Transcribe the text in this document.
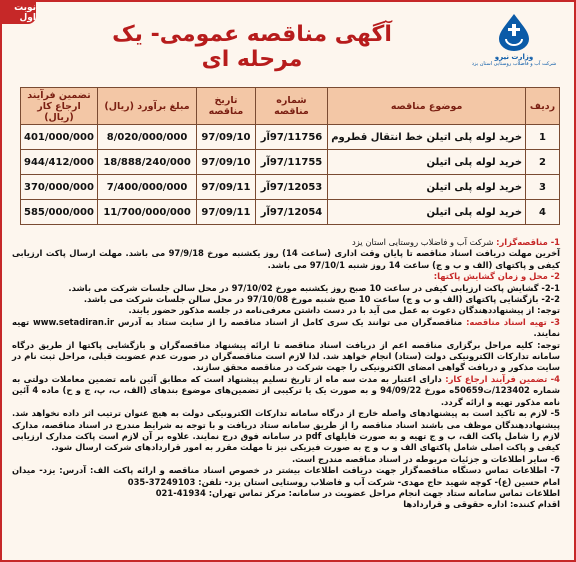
نوبت اول
وزارت نیرو
شرکت آب و فاضلاب روستایی استان یزد
آگهی مناقصه عمومی- یک مرحله ای
ردیف	موضوع مناقصه	شماره مناقصه	تاریخ مناقصه	مبلغ برآورد (ریال)	تضمین فرآیند ارجاع کار (ریال)
1	خرید لوله پلی اتیلن خط انتقال قطروم	97/11756آر	97/09/10	8/020/000/000	401/000/000
2	خرید لوله پلی اتیلن	97/11755آر	97/09/10	18/888/240/000	944/412/000
3	خرید لوله پلی اتیلن	97/12053آر	97/09/11	7/400/000/000	370/000/000
4	خرید لوله پلی اتیلن	97/12054آر	97/09/11	11/700/000/000	585/000/000

1- مناقصه‌گزار: شرکت آب و فاضلاب روستایی استان یزد

آخرین مهلت دریافت اسناد مناقصه تا پایان وقت اداری (ساعت 14) روز یکشنبه مورخ 97/9/18 می باشد. مهلت ارسال پاکت ارزیابی کیفی و پاکتهای (الف و ب و ج) ساعت 14 روز شنبه 97/10/1 می باشد.

2- محل و زمان گشایش پاکتها:

2-1- گشایش پاکت ارزیابی کیفی در ساعت 10 صبح روز یکشنبه مورخ 97/10/02 در محل سالن جلسات شرکت می باشد.

2-2- بازگشایی پاکتهای (الف و ب و ج) ساعت 10 صبح شنبه مورخ 97/10/08 در محل سالن جلسات شرکت می باشد.

توجه: از پیشنهاددهندگان دعوت به عمل می آید با در دست داشتن معرفی‌نامه در جلسه مذکور حضور یابند.

3- تهیه اسناد مناقصه: مناقصه‌گران می توانند یک سری کامل از اسناد مناقصه را از سایت ستاد به آدرس www.setadiran.ir تهیه نمایند.

توجه: کلیه مراحل برگزاری مناقصه اعم از دریافت اسناد مناقصه تا ارائه پیشنهاد مناقصه‌گران و بازگشایی پاکتها از طریق درگاه سامانه تدارکات الکترونیکی دولت (ستاد) انجام خواهد شد. لذا لازم است مناقصه‌گران در صورت عدم عضویت قبلی، مراحل ثبت نام در سایت مذکور و دریافت گواهی امضای الکترونیکی را جهت شرکت در مناقصه محقق سازند.

4- تضمین فرآیند ارجاع کار: دارای اعتبار به مدت سه ماه از تاریخ تسلیم پیشنهاد است که مطابق آئین نامه تضمین معاملات دولتی به شماره 123402/ت50659ه مورخ 94/09/22 و به صورت یک یا ترکیبی از تضمین‌های موضوع بندهای (الف، ب، پ، ج و ح) ماده 4 آئین نامه مذکور تهیه و ارائه گردد.

5- لازم به تاکید است به پیشنهادهای واصله خارج از درگاه سامانه تدارکات الکترونیکی دولت به هیچ عنوان ترتیب اثر داده نخواهد شد. پیشنهاددهندگان موظف می باشند اسناد مناقصه را از طریق سامانه ستاد دریافت و با توجه به شرایط مندرج در اسناد مناقصه، مدارک لازم را شامل پاکت الف، ب و ج تهیه و به صورت فایلهای pdf در سامانه فوق درج نمایند. علاوه بر آن لازم است پاکت مدارک ارزیابی کیفی و پاکت اصلی شامل پاکتهای الف و ب و ج به صورت فیزیکی نیز تا مهلت مقرر به امور قراردادهای شرکت ارسال شود.

6- سایر اطلاعات و جزئیات مربوطه در اسناد مناقصه مندرج است.

7- اطلاعات تماس دستگاه مناقصه‌گزار جهت دریافت اطلاعات بیشتر در خصوص اسناد مناقصه و ارائه پاکت الف: آدرس: یزد- میدان امام حسین (ع)- کوچه شهید حاج مهدی- شرکت آب و فاضلاب روستایی استان یزد- تلفن: 37249103-035

اطلاعات تماس سامانه ستاد جهت انجام مراحل عضویت در سامانه: مرکز تماس تهران: 41934-021

اقدام کننده: اداره حقوقی و قراردادها
